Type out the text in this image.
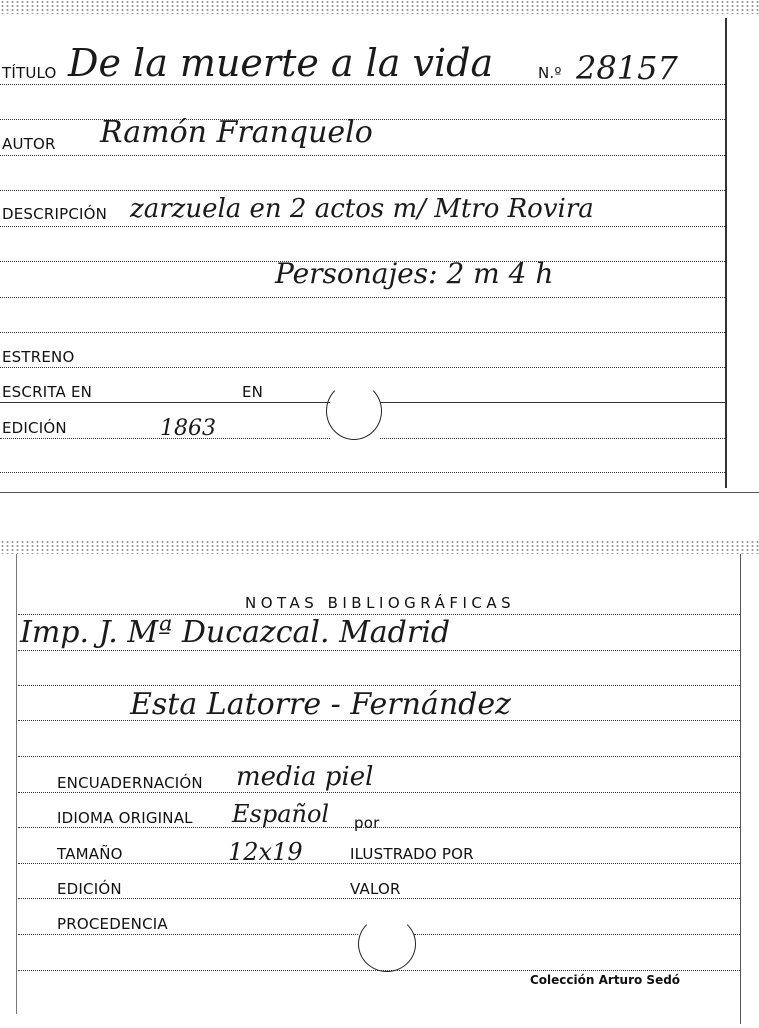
TÍTULO De la muerte a la vida	N.º 28157
AUTOR Ramón Franquelo
DESCRIPCIÓN zarzuela en 2 actos m/ Mtro Rovira
Personajes: 2 m 4 h
ESTRENO
ESCRITA EN	EN
EDICIÓN	1863
NOTAS BIBLIOGRÁFICAS
Imp. J. Mª Ducazcal. Madrid
Esta Latorre - Fernández
ENCUADERNACIÓN media piel
IDIOMA ORIGINAL Español por
TAMAÑO	12x19	ILUSTRADO POR
EDICIÓN	VALOR
PROCEDENCIA
Colección Arturo Sedó
